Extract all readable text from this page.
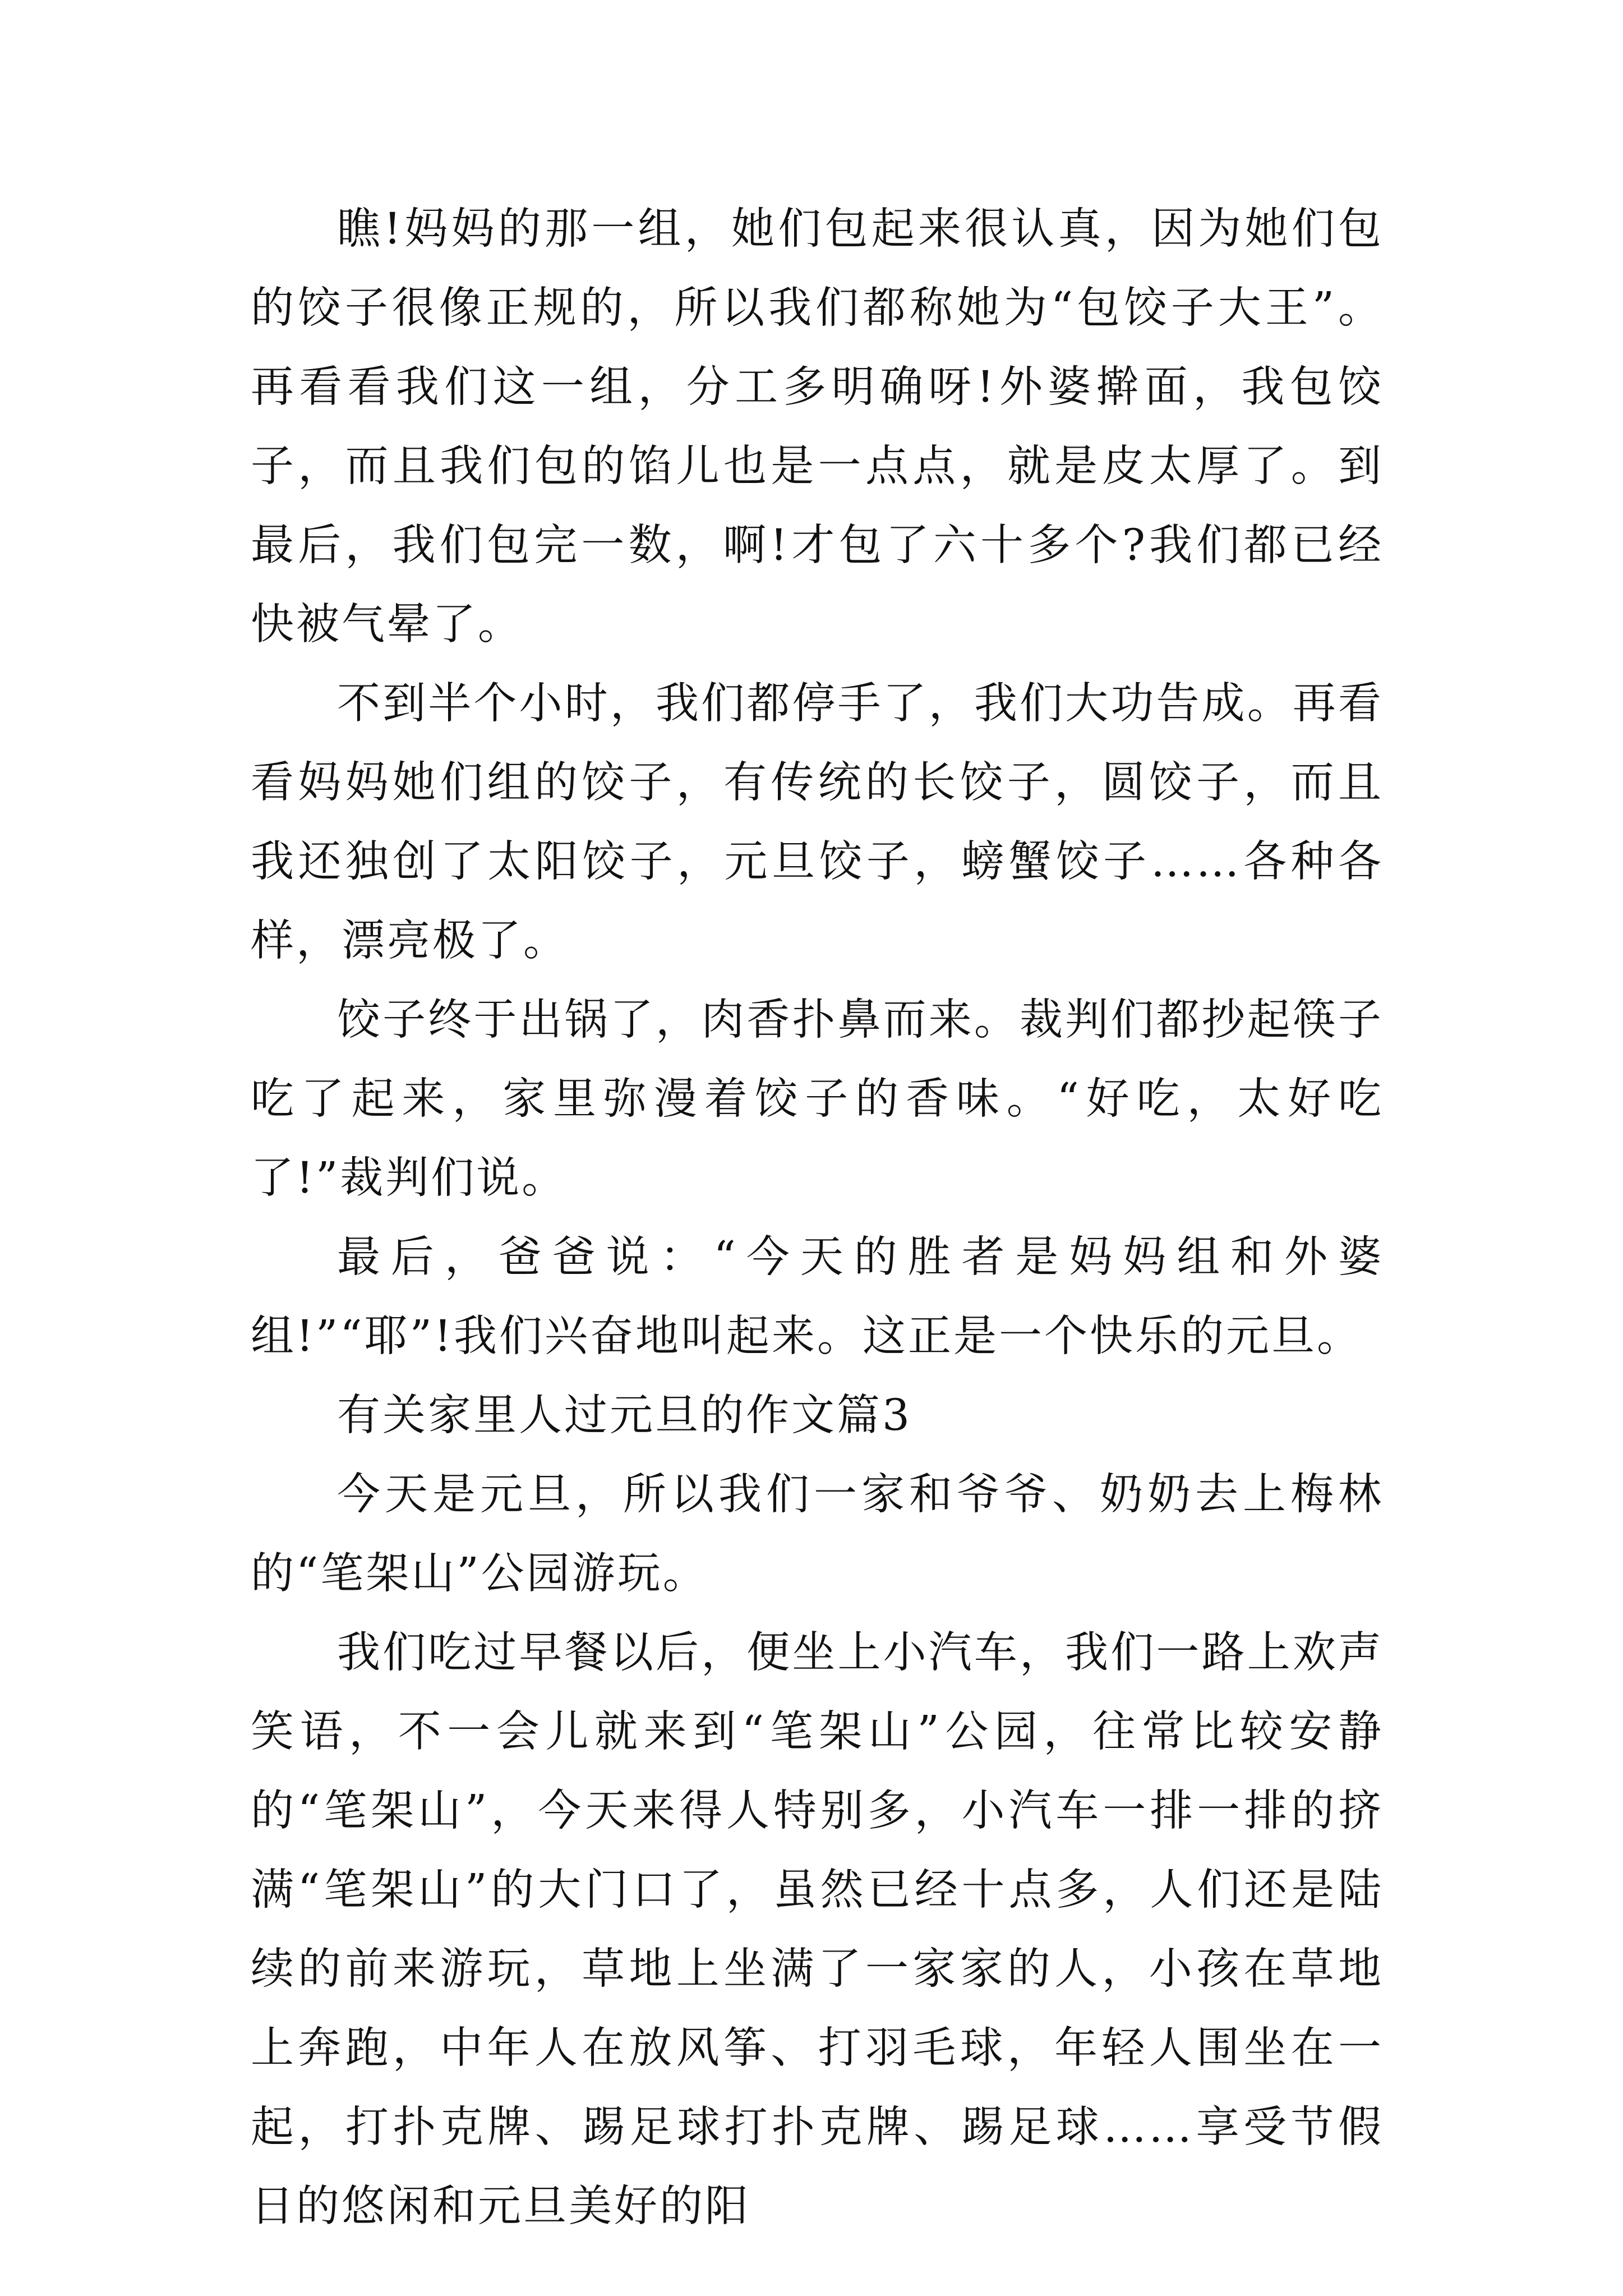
瞧!妈妈的那一组，她们包起来很认真，因为她们包的饺子很像正规的，所以我们都称她为“包饺子大王”。再看看我们这一组，分工多明确呀!外婆擀面，我包饺子，而且我们包的馅儿也是一点点，就是皮太厚了。到最后，我们包完一数，啊!才包了六十多个?我们都已经快被气晕了。

不到半个小时，我们都停手了，我们大功告成。再看看妈妈她们组的饺子，有传统的长饺子，圆饺子，而且我还独创了太阳饺子，元旦饺子，螃蟹饺子……各种各样，漂亮极了。

饺子终于出锅了，肉香扑鼻而来。裁判们都抄起筷子吃了起来，家里弥漫着饺子的香味。“好吃，太好吃了!”裁判们说。

最后，爸爸说：“今天的胜者是妈妈组和外婆组!”“耶”!我们兴奋地叫起来。这正是一个快乐的元旦。

有关家里人过元旦的作文篇3

今天是元旦，所以我们一家和爷爷、奶奶去上梅林的“笔架山”公园游玩。

我们吃过早餐以后，便坐上小汽车，我们一路上欢声笑语，不一会儿就来到“笔架山”公园，往常比较安静的“笔架山”，今天来得人特别多，小汽车一排一排的挤满“笔架山”的大门口了，虽然已经十点多，人们还是陆续的前来游玩，草地上坐满了一家家的人，小孩在草地上奔跑，中年人在放风筝、打羽毛球，年轻人围坐在一起，打扑克牌、踢足球打扑克牌、踢足球……享受节假日的悠闲和元旦美好的阳
